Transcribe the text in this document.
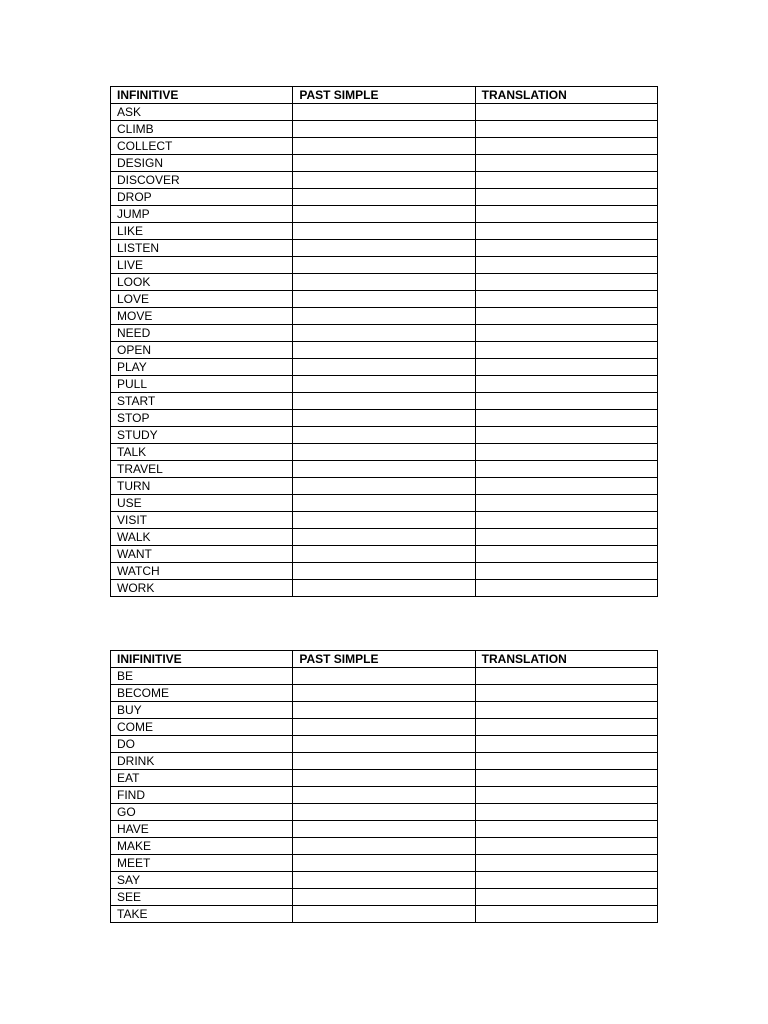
INFINITIVE	PAST SIMPLE	TRANSLATION
ASK		
CLIMB		
COLLECT		
DESIGN		
DISCOVER		
DROP		
JUMP		
LIKE		
LISTEN		
LIVE		
LOOK		
LOVE		
MOVE		
NEED		
OPEN		
PLAY		
PULL		
START		
STOP		
STUDY		
TALK		
TRAVEL		
TURN		
USE		
VISIT		
WALK		
WANT		
WATCH		
WORK		
INIFINITIVE	PAST SIMPLE	TRANSLATION
BE		
BECOME		
BUY		
COME		
DO		
DRINK		
EAT		
FIND		
GO		
HAVE		
MAKE		
MEET		
SAY		
SEE		
TAKE		
